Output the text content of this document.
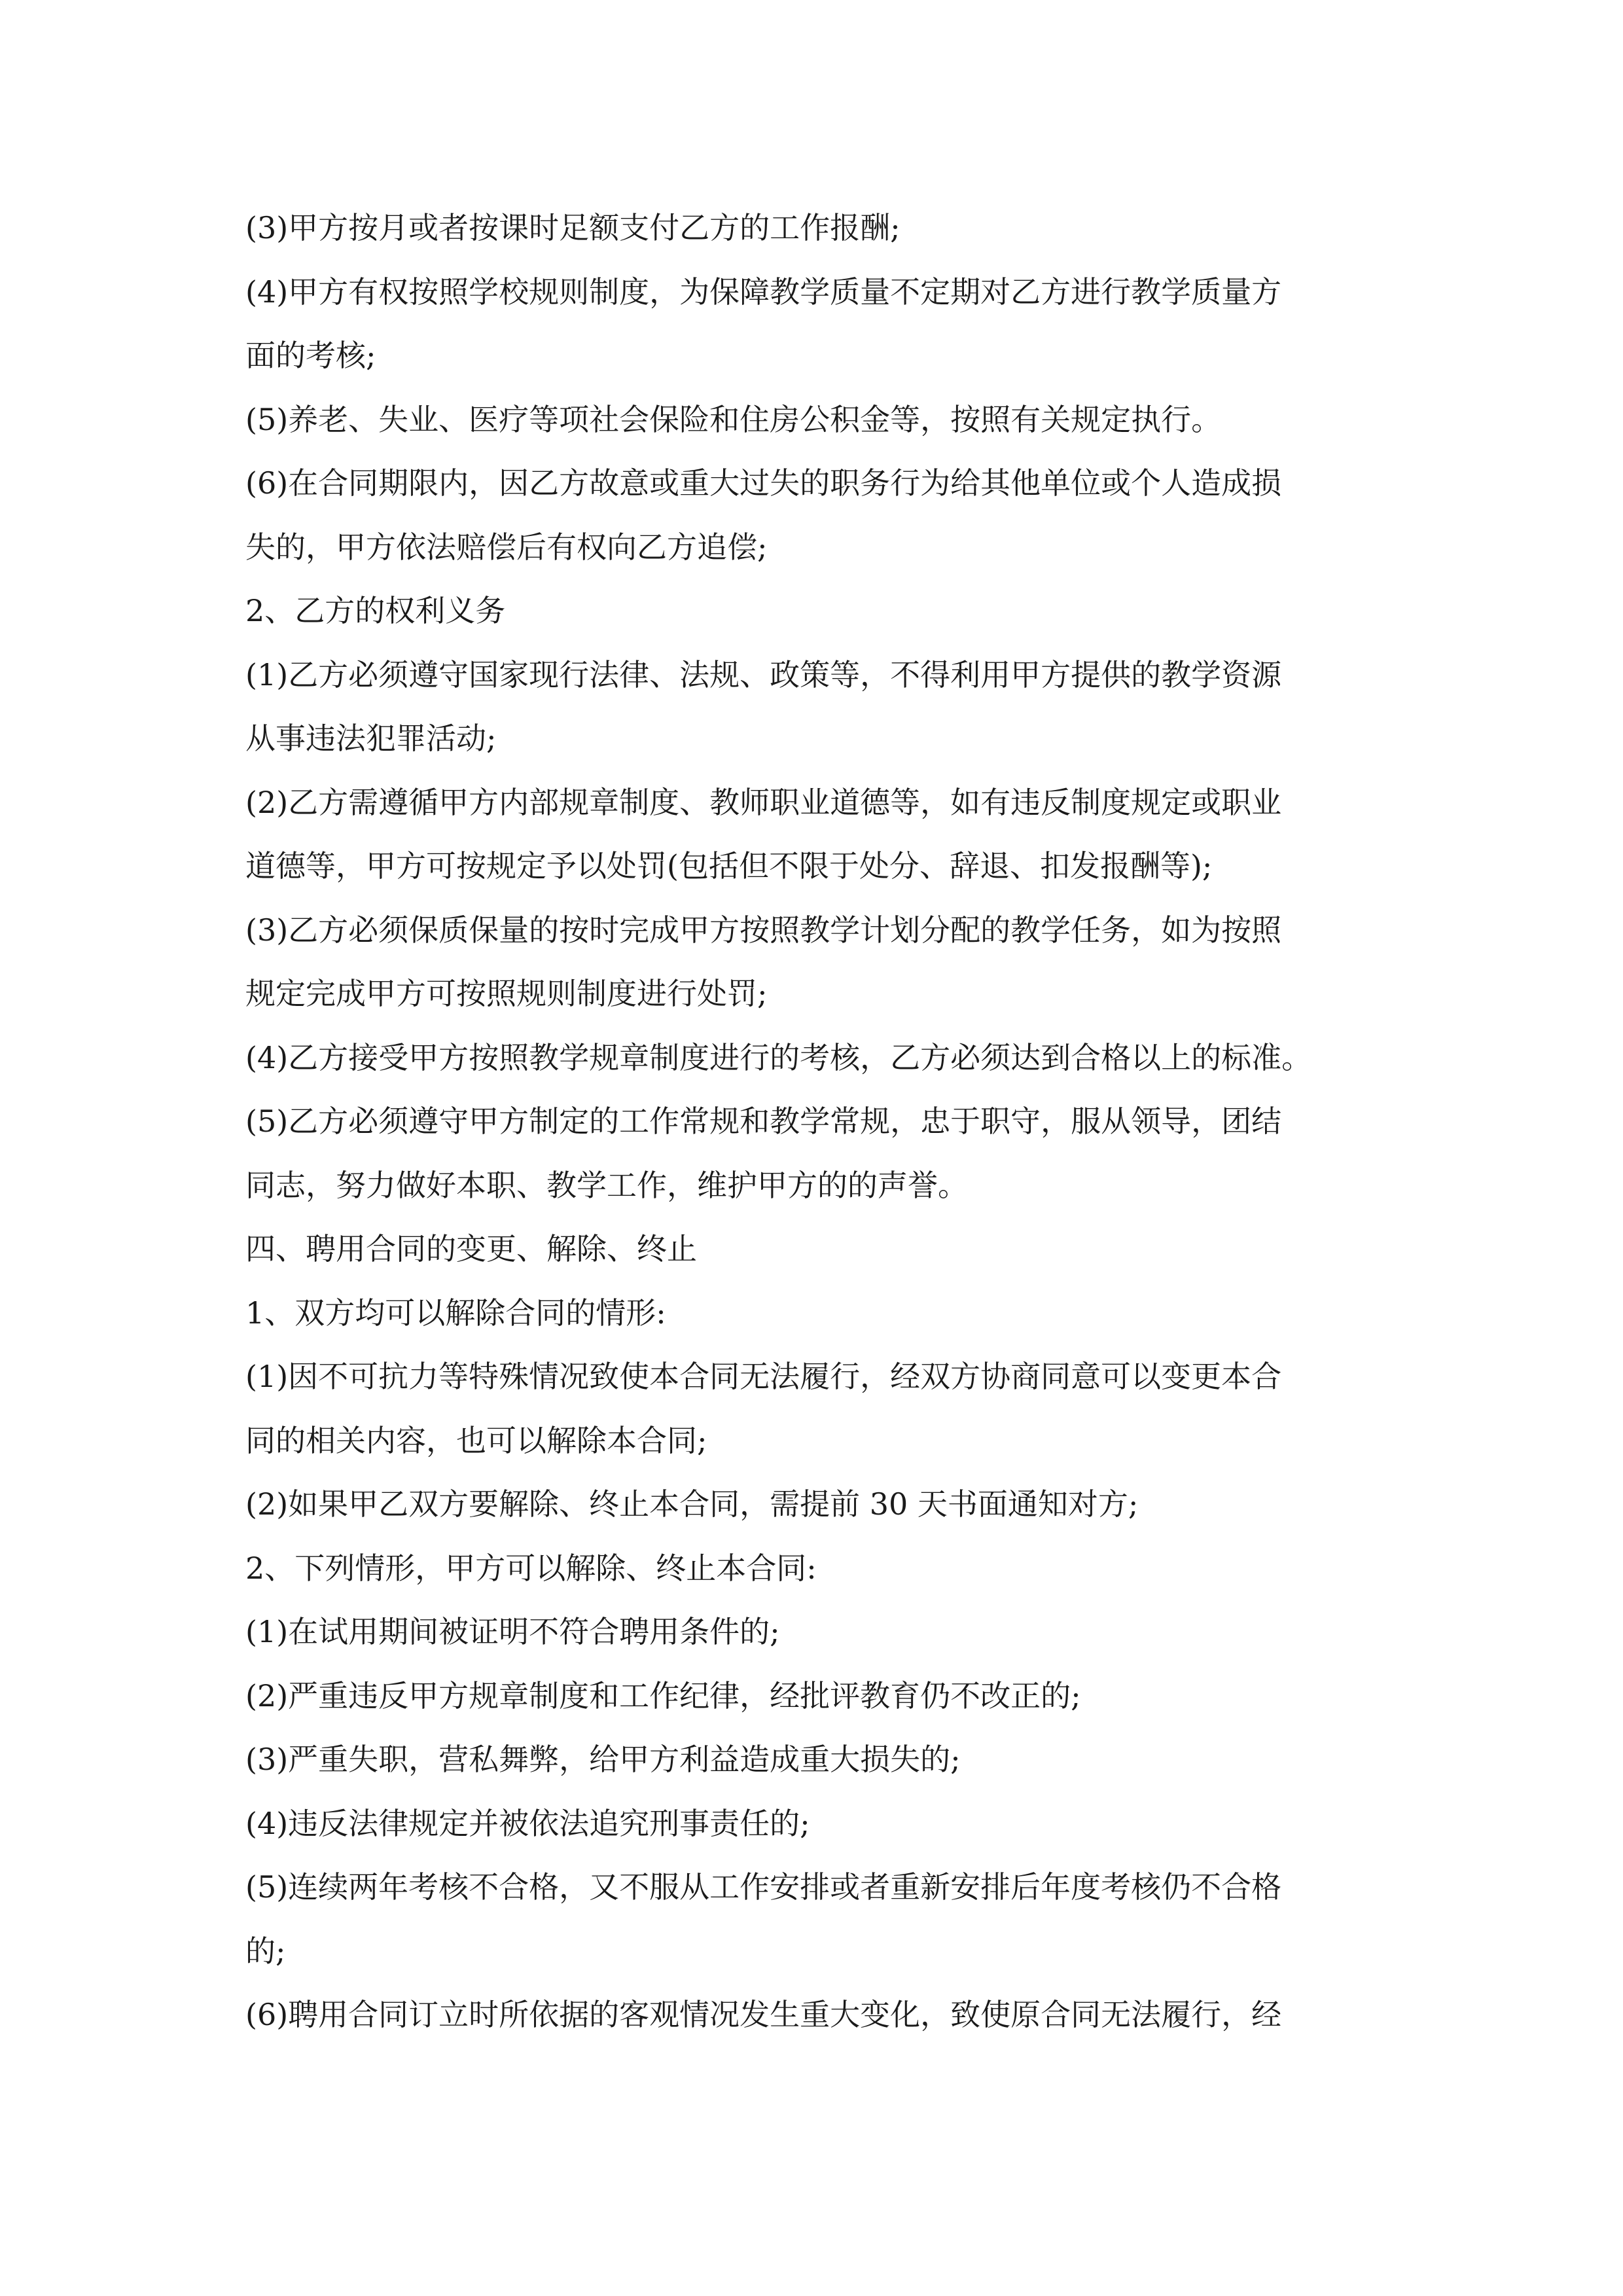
(3)甲方按月或者按课时足额支付乙方的工作报酬;

(4)甲方有权按照学校规则制度，为保障教学质量不定期对乙方进行教学质量方

面的考核;

(5)养老、失业、医疗等项社会保险和住房公积金等，按照有关规定执行。

(6)在合同期限内，因乙方故意或重大过失的职务行为给其他单位或个人造成损

失的，甲方依法赔偿后有权向乙方追偿;

2、乙方的权利义务

(1)乙方必须遵守国家现行法律、法规、政策等，不得利用甲方提供的教学资源

从事违法犯罪活动;

(2)乙方需遵循甲方内部规章制度、教师职业道德等，如有违反制度规定或职业

道德等，甲方可按规定予以处罚(包括但不限于处分、辞退、扣发报酬等);

(3)乙方必须保质保量的按时完成甲方按照教学计划分配的教学任务，如为按照

规定完成甲方可按照规则制度进行处罚;

(4)乙方接受甲方按照教学规章制度进行的考核，乙方必须达到合格以上的标准。

(5)乙方必须遵守甲方制定的工作常规和教学常规，忠于职守，服从领导，团结

同志，努力做好本职、教学工作，维护甲方的的声誉。

四、聘用合同的变更、解除、终止

1、双方均可以解除合同的情形:

(1)因不可抗力等特殊情况致使本合同无法履行，经双方协商同意可以变更本合

同的相关内容，也可以解除本合同;

(2)如果甲乙双方要解除、终止本合同，需提前 30 天书面通知对方;

2、下列情形，甲方可以解除、终止本合同:

(1)在试用期间被证明不符合聘用条件的;

(2)严重违反甲方规章制度和工作纪律，经批评教育仍不改正的;

(3)严重失职，营私舞弊，给甲方利益造成重大损失的;

(4)违反法律规定并被依法追究刑事责任的;

(5)连续两年考核不合格，又不服从工作安排或者重新安排后年度考核仍不合格

的;

(6)聘用合同订立时所依据的客观情况发生重大变化，致使原合同无法履行，经
